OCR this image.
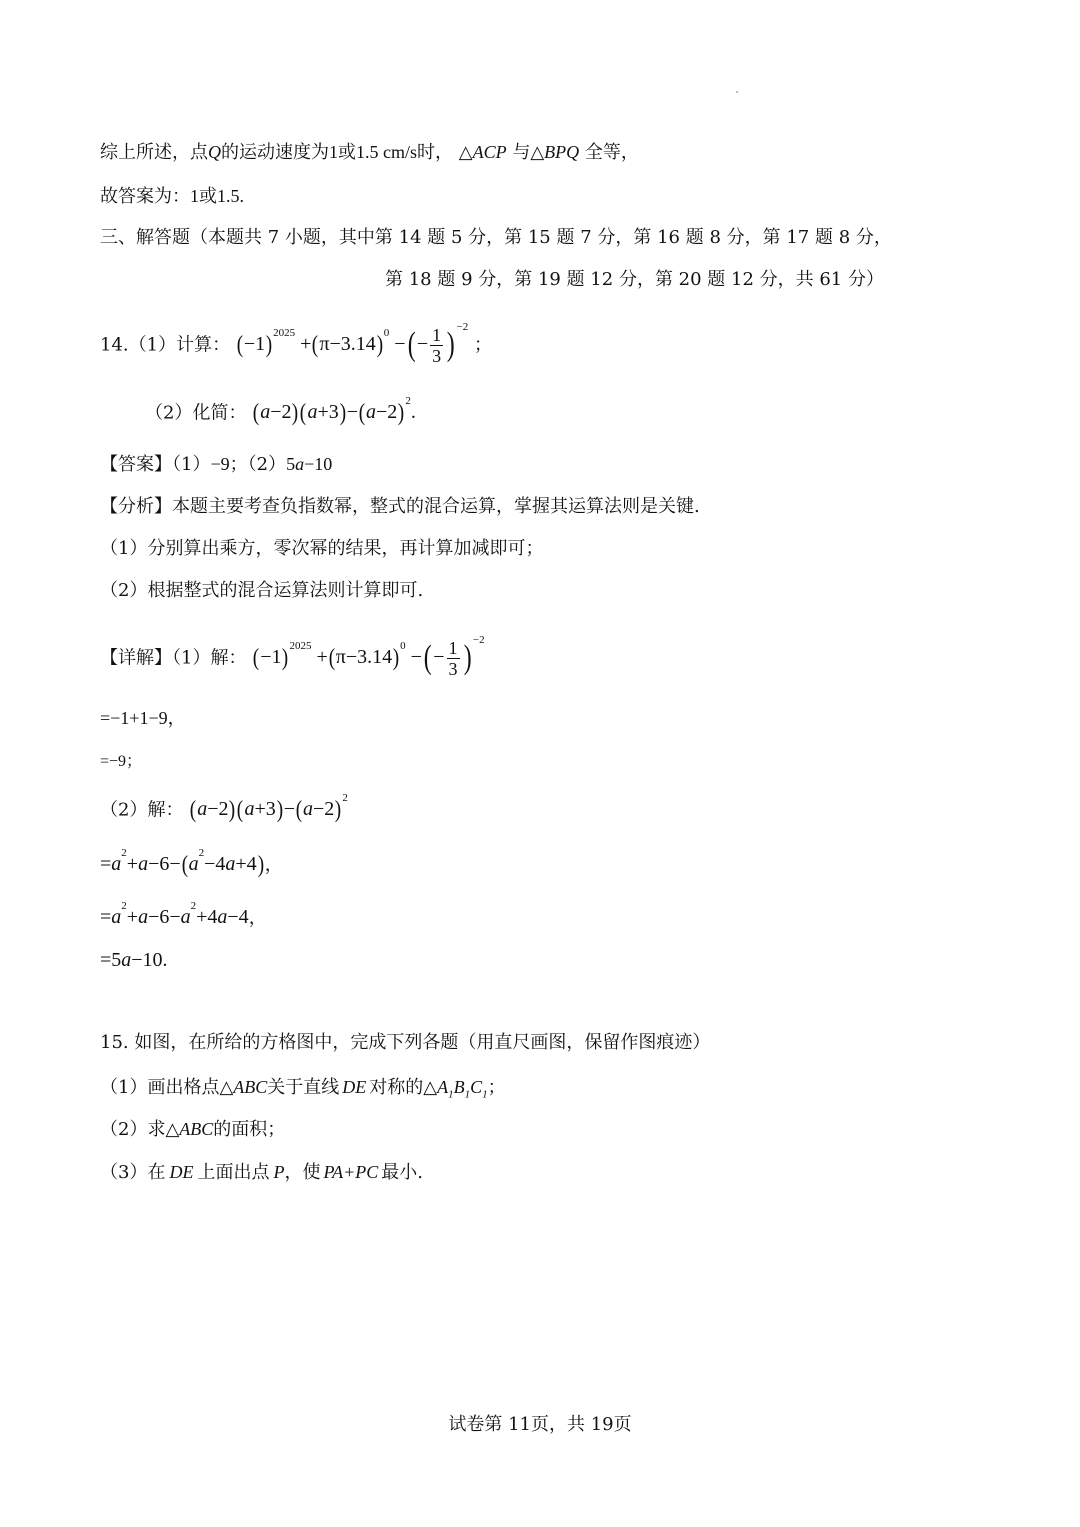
综上所述，点Q的运动速度为1或1.5 cm/s时， △ACP 与△BPQ 全等，
故答案为：1或1.5.
三、解答题（本题共 7 小题，其中第 14 题 5 分，第 15 题 7 分，第 16 题 8 分，第 17 题 8 分，
第 18 题 9 分，第 19 题 12 分，第 20 题 12 分，共 61 分）
14.（1）计算： $(-1)^{2025} +(\pi-3.14)^0$ −(− $\frac{1}{3}$ ) $^{-2}$ ；
（2）化简： $(a-2)(a+3)-(a-2)^2$.
【答案】（1）−9；（2）5a−10
【分析】本题主要考查负指数幂，整式的混合运算，掌握其运算法则是关键.
（1）分别算出乘方，零次幂的结果，再计算加减即可；
（2）根据整式的混合运算法则计算即可.
【详解】（1）解： $(-1)^{2025} +(\pi-3.14)^0$ −(− $\frac{1}{3}$ ) $^{-2}$
=−1+1−9，
=−9；
（2）解： $(a-2)(a+3)-(a-2)^2$
$=a^2+a-6-(a^2-4a+4)$，
$=a^2+a-6-a^2+4a-4$，
=5a−10.
15. 如图，在所给的方格图中，完成下列各题（用直尺画图，保留作图痕迹）
（1）画出格点△ABC关于直线 DE 对称的$\triangle A_1B_1C_1$；
（2）求△ABC的面积；
（3）在 DE 上面出点 P，使 PA+PC 最小.
试卷第 11页，共 19页
